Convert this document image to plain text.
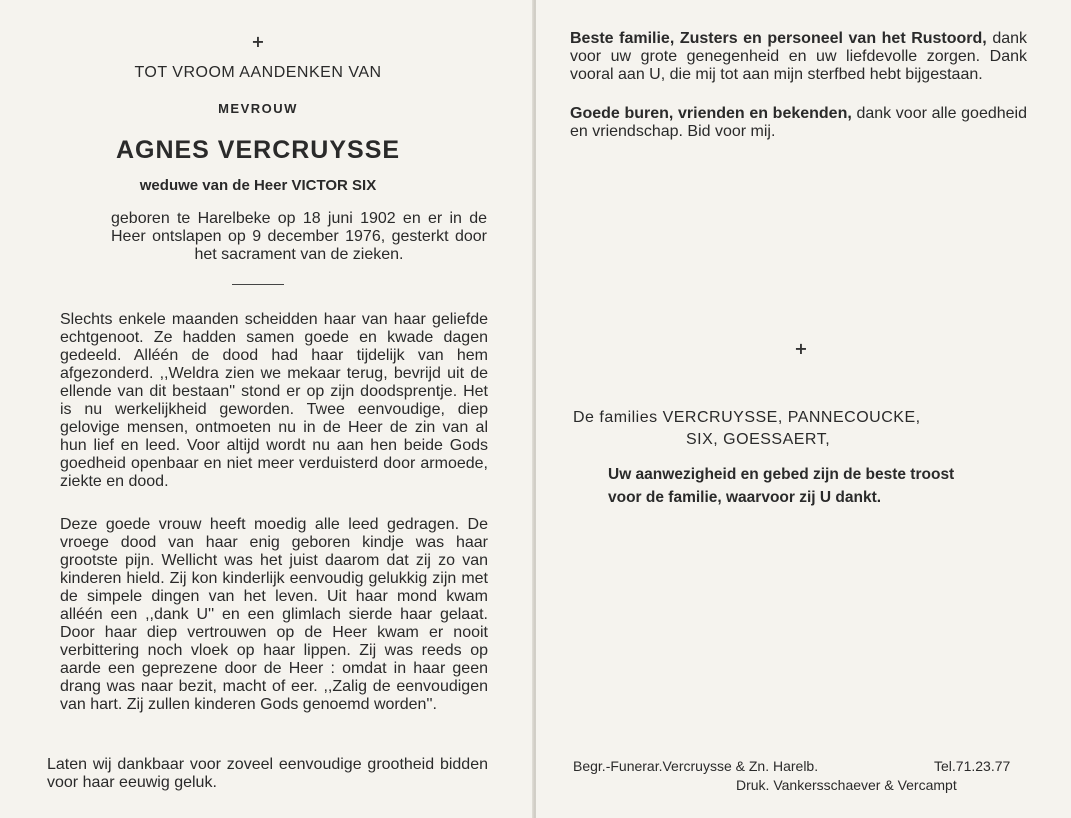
+
TOT VROOM AANDENKEN VAN
MEVROUW
AGNES VERCRUYSSE
weduwe van de Heer VICTOR SIX
geboren te Harelbeke op 18 juni 1902 en er in de Heer ontslapen op 9 december 1976, gesterkt door het sacrament van de zieken.
Slechts enkele maanden scheidden haar van haar geliefde echtgenoot. Ze hadden samen goede en kwade dagen gedeeld. Alléén de dood had haar tijdelijk van hem afgezonderd. ,,Weldra zien we mekaar terug, bevrijd uit de ellende van dit bestaan'' stond er op zijn doodsprentje. Het is nu werkelijkheid geworden. Twee eenvoudige, diep gelovige mensen, ontmoeten nu in de Heer de zin van al hun lief en leed. Voor altijd wordt nu aan hen beide Gods goedheid openbaar en niet meer verduisterd door armoede, ziekte en dood.
Deze goede vrouw heeft moedig alle leed gedragen. De vroege dood van haar enig geboren kindje was haar grootste pijn. Wellicht was het juist daarom dat zij zo van kinderen hield. Zij kon kinderlijk eenvoudig gelukkig zijn met de simpele dingen van het leven. Uit haar mond kwam alléén een ,,dank U'' en een glimlach sierde haar gelaat. Door haar diep vertrouwen op de Heer kwam er nooit verbittering noch vloek op haar lippen. Zij was reeds op aarde een geprezene door de Heer : omdat in haar geen drang was naar bezit, macht of eer. ,,Zalig de eenvoudigen van hart. Zij zullen kinderen Gods genoemd worden''.
Laten wij dankbaar voor zoveel eenvoudige grootheid bidden voor haar eeuwig geluk.
Beste familie, Zusters en personeel van het Rustoord, dank voor uw grote genegenheid en uw liefdevolle zorgen. Dank vooral aan U, die mij tot aan mijn sterfbed hebt bijgestaan.
Goede buren, vrienden en bekenden, dank voor alle goedheid en vriendschap. Bid voor mij.
+
De families VERCRUYSSE, PANNECOUCKE,
SIX, GOESSAERT,
Uw aanwezigheid en gebed zijn de beste troost
voor de familie, waarvoor zij U dankt.
Begr.-Funerar.Vercruysse & Zn. Harelb.	Tel.71.23.77
Druk. Vankersschaever & Vercampt
